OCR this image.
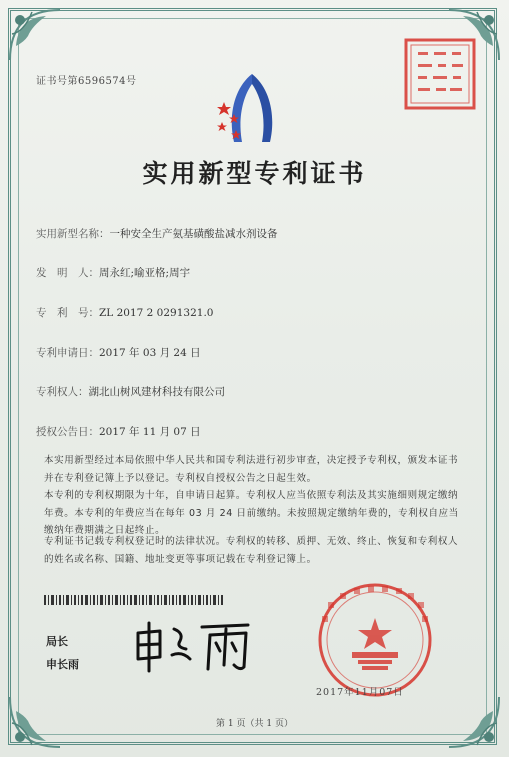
证书号第6596574号
实用新型专利证书
实用新型名称：一种安全生产氨基磺酸盐减水剂设备
发　明　人：周永红;喻亚格;周宇
专　利　号：ZL 2017 2 0291321.0
专利申请日：2017 年 03 月 24 日
专利权人：湖北山树风建材科技有限公司
授权公告日：2017 年 11 月 07 日
本实用新型经过本局依照中华人民共和国专利法进行初步审查，决定授予专利权，颁发本证书并在专利登记簿上予以登记。专利权自授权公告之日起生效。
本专利的专利权期限为十年，自申请日起算。专利权人应当依照专利法及其实施细则规定缴纳年费。本专利的年费应当在每年 03 月 24 日前缴纳。未按照规定缴纳年费的，专利权自应当缴纳年费期满之日起终止。
专利证书记载专利权登记时的法律状况。专利权的转移、质押、无效、终止、恢复和专利权人的姓名或名称、国籍、地址变更等事项记载在专利登记簿上。
局长
申长雨
2017年11月07日
第 1 页（共 1 页）
